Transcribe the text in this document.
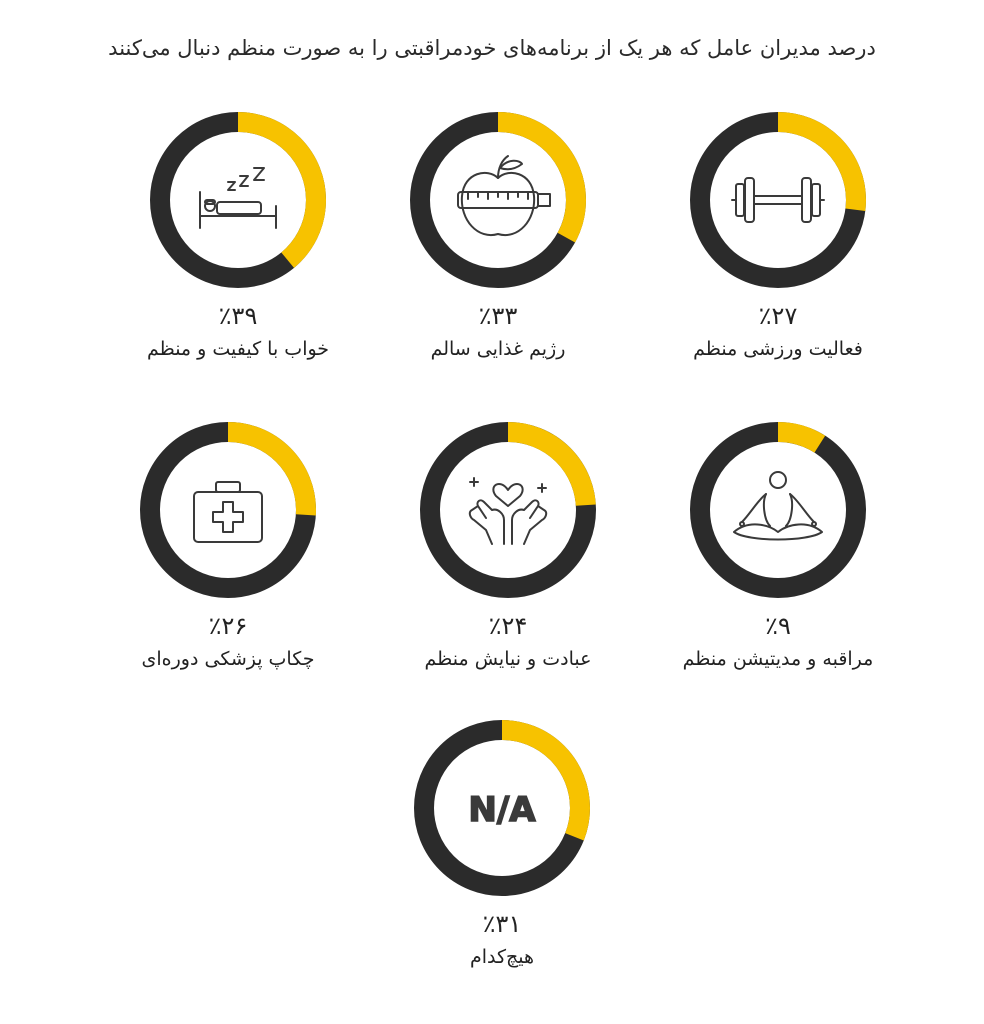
درصد مدیران عامل که هر یک از برنامه‌های خودمراقبتی را به صورت منظم دنبال می‌کنند
٪۲۷
فعالیت ورزشی منظم
٪۳۳
رژیم غذایی سالم
٪۳۹
خواب با کیفیت و منظم
٪۹
مراقبه و مدیتیشن منظم
٪۲۴
عبادت و نیایش منظم
٪۲۶
چکاپ پزشکی دوره‌ای
N/A
٪۳۱
هیچ‌کدام
